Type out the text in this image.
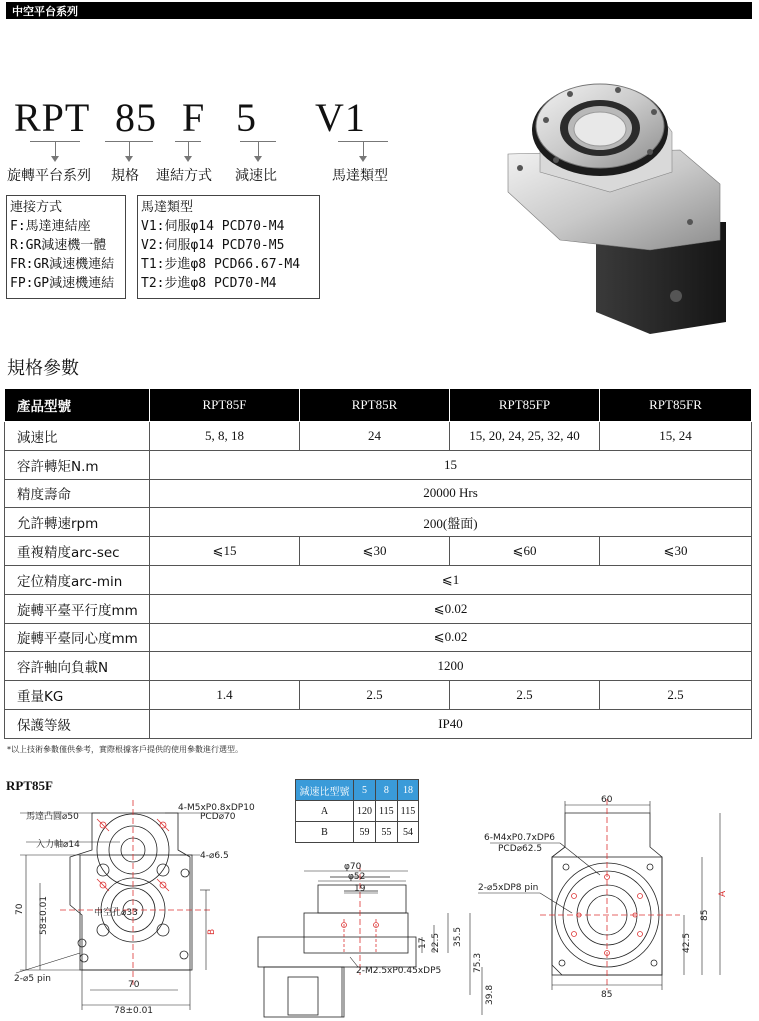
中空平台系列
RPT 85 F 5 V1
旋轉平台系列 規格 連結方式 減速比	馬達類型
連接方式
F:馬達連結座
R:GR減速機一體
FR:GR減速機連結
FP:GP減速機連結
馬達類型
V1:伺服φ14 PCD70-M4
V2:伺服φ14 PCD70-M5
T1:步進φ8 PCD66.67-M4
T2:步進φ8 PCD70-M4
規格參數
產品型號	RPT85F	RPT85R	RPT85FP	RPT85FR
減速比	5, 8, 18	24	15, 20, 24, 25, 32, 40	15, 24
容許轉矩N.m	15			
精度壽命	20000 Hrs			
允許轉速rpm	200(盤面)			
重複精度arc-sec	⩽15	⩽30	⩽60	⩽30
定位精度arc-min	⩽1			
旋轉平臺平行度mm	⩽0.02			
旋轉平臺同心度mm	⩽0.02			
容許軸向負載N	1200			
重量KG	1.4	2.5	2.5	2.5
保護等級	IP40			
*以上技術參數僅供參考，實際根據客戶提供的使用參數進行選型。
RPT85F	減速比型號	5	8	18
A	120	115	115
B	59	55	54
馬達凸圓⌀50
入力軸⌀14
中空孔⌀33
4-M5xP0.8xDP10
PCD⌀70
4-⌀6.5
2-⌀5 pin
70 58±0.01	B
70
78±0.01
φ70
φ52
19
17 22.5 35.5
75.3
39.8
2-M2.5xP0.45xDP5
60
6-M4xP0.7xDP6
PCD⌀62.5
2-⌀5xDP8 pin
A
85
42.5
85
